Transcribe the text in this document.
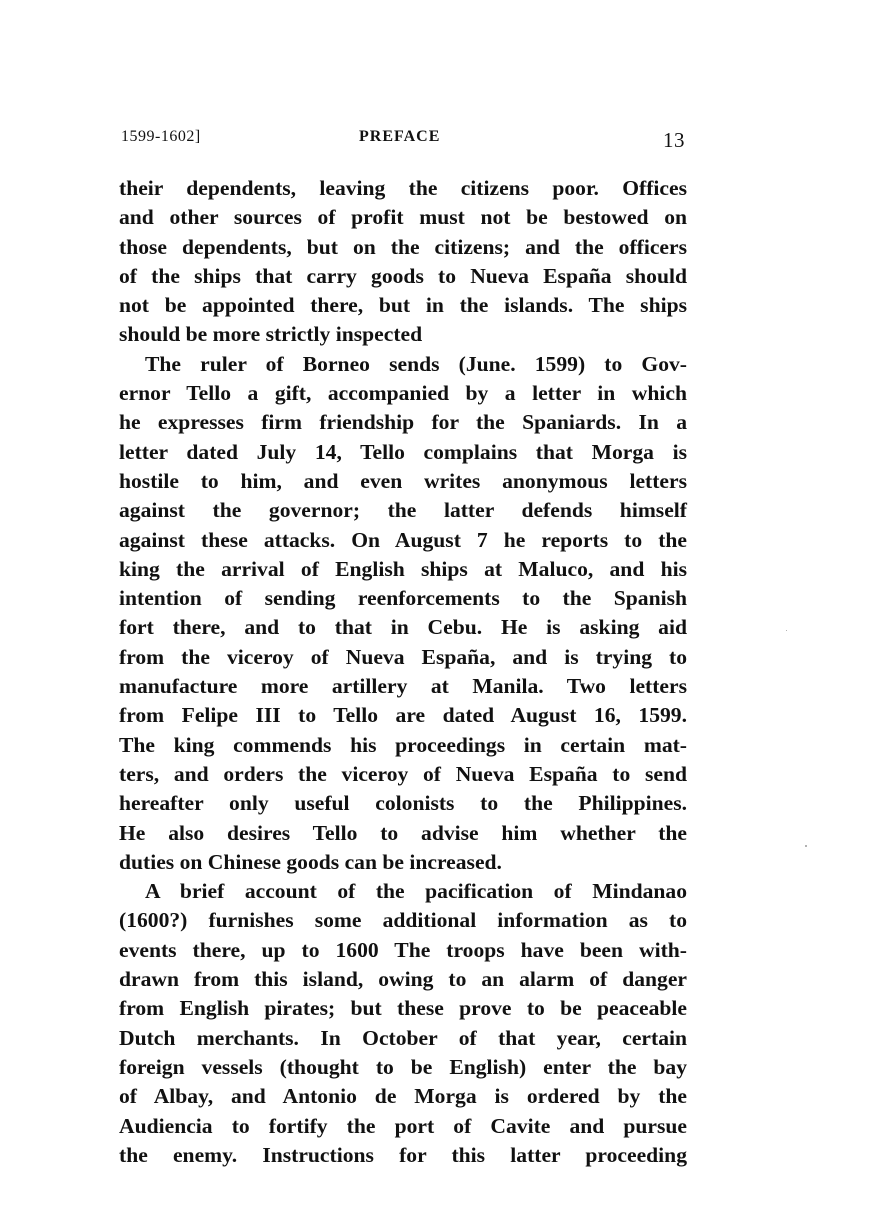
1599-1602]	PREFACE	13

their dependents, leaving the citizens poor. Offices
and other sources of profit must not be bestowed on
those dependents, but on the citizens; and the officers
of the ships that carry goods to Nueva España should
not be appointed there, but in the islands. The ships
should be more strictly inspected

The ruler of Borneo sends (June. 1599) to Gov-
ernor Tello a gift, accompanied by a letter in which
he expresses firm friendship for the Spaniards. In a
letter dated July 14, Tello complains that Morga is
hostile to him, and even writes anonymous letters
against the governor; the latter defends himself
against these attacks. On August 7 he reports to the
king the arrival of English ships at Maluco, and his
intention of sending reenforcements to the Spanish
fort there, and to that in Cebu. He is asking aid
from the viceroy of Nueva España, and is trying to
manufacture more artillery at Manila. Two letters
from Felipe III to Tello are dated August 16, 1599.
The king commends his proceedings in certain mat-
ters, and orders the viceroy of Nueva España to send
hereafter only useful colonists to the Philippines.
He also desires Tello to advise him whether the
duties on Chinese goods can be increased.

A brief account of the pacification of Mindanao
(1600?) furnishes some additional information as to
events there, up to 1600 The troops have been with-
drawn from this island, owing to an alarm of danger
from English pirates; but these prove to be peaceable
Dutch merchants. In October of that year, certain
foreign vessels (thought to be English) enter the bay
of Albay, and Antonio de Morga is ordered by the
Audiencia to fortify the port of Cavite and pursue
the enemy. Instructions for this latter proceeding
